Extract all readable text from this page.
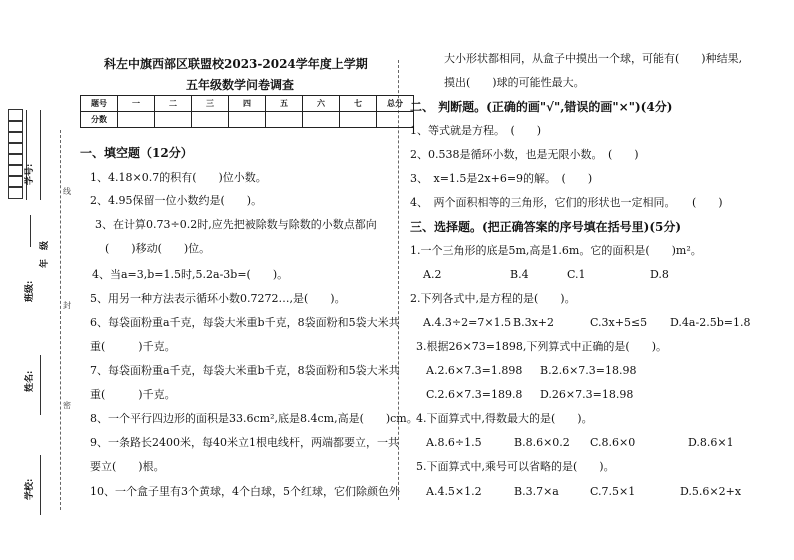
学号:
年　级
班级:
姓名:
学校:
线
封
密
科左中旗西部区联盟校2023-2024学年度上学期
五年级数学问卷调查
题号	一	二	三	四	五	六	七	总分
分数								
一、填空题（12分）
1、4.18×0.7的积有(　　)位小数。
2、4.95保留一位小数约是(　　)。
3、在计算0.73÷0.2时,应先把被除数与除数的小数点都向
(　　)移动(　　)位。
4、当a=3,b=1.5时,5.2a-3b=(　　)。
5、用另一种方法表示循环小数0.7272…,是(　　)。
6、每袋面粉重a千克，每袋大米重b千克，8袋面粉和5袋大米共
重(　　　)千克。
7、每袋面粉重a千克，每袋大米重b千克，8袋面粉和5袋大米共
重(　　　)千克。
8、一个平行四边形的面积是33.6cm²,底是8.4cm,高是(　　)cm。
9、一条路长2400米，每40米立1根电线杆，两端都要立，一共
要立(　　)根。
10、一个盒子里有3个黄球，4个白球，5个红球，它们除颜色外
大小形状都相同，从盒子中摸出一个球，可能有(　　)种结果,
摸出(　　)球的可能性最大。
二、 判断题。(正确的画"√",错误的画"×")(4分)
1、等式就是方程。　(　　)
2、0.538是循环小数，也是无限小数。　(　　)
3、　x=1.5是2x+6=9的解。　(　　)
4、　两个面积相等的三角形，它们的形状也一定相同。　　(　　)
三、选择题。(把正确答案的序号填在括号里)(5分)
1.一个三角形的底是5m,高是1.6m。它的面积是(　　)m²。
A.2	B.4	C.1	D.8
2.下列各式中,是方程的是(　　)。
A.4.3÷2=7×1.5 B.3x+2	C.3x+5≤5 D.4a-2.5b=1.8
3.根据26×73=1898,下列算式中正确的是(　　)。
A.2.6×7.3=1.898 B.2.6×7.3=18.98
C.2.6×7.3=189.8 D.26×7.3=18.98
4.下面算式中,得数最大的是(　　)。
A.8.6÷1.5	B.8.6×0.2 C.8.6×0	D.8.6×1
5.下面算式中,乘号可以省略的是(　　)。
A.4.5×1.2	B.3.7×a	C.7.5×1	D.5.6×2+x
